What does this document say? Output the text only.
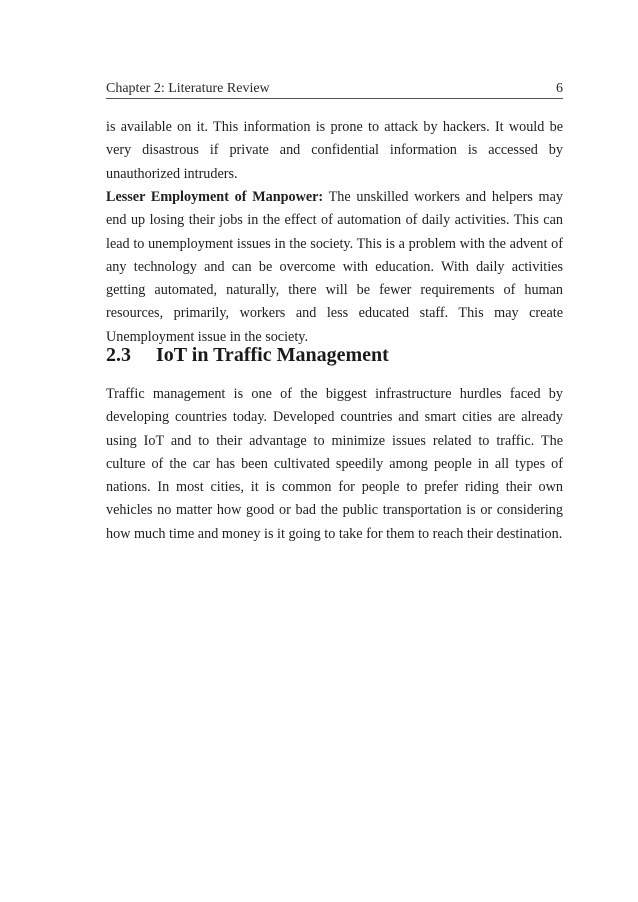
Chapter 2: Literature Review	6

is available on it. This information is prone to attack by hackers. It would be very disastrous if private and confidential information is accessed by unauthorized intruders.

Lesser Employment of Manpower: The unskilled workers and helpers may end up losing their jobs in the effect of automation of daily activities. This can lead to unemployment issues in the society. This is a problem with the advent of any technology and can be overcome with education. With daily activities getting automated, naturally, there will be fewer requirements of human resources, primarily, workers and less educated staff. This may create Unemployment issue in the society.

2.3 IoT in Traffic Management

Traffic management is one of the biggest infrastructure hurdles faced by developing countries today. Developed countries and smart cities are already using IoT and to their advantage to minimize issues related to traffic. The culture of the car has been cultivated speedily among people in all types of nations. In most cities, it is common for people to prefer riding their own vehicles no matter how good or bad the public transportation is or considering how much time and money is it going to take for them to reach their destination.
